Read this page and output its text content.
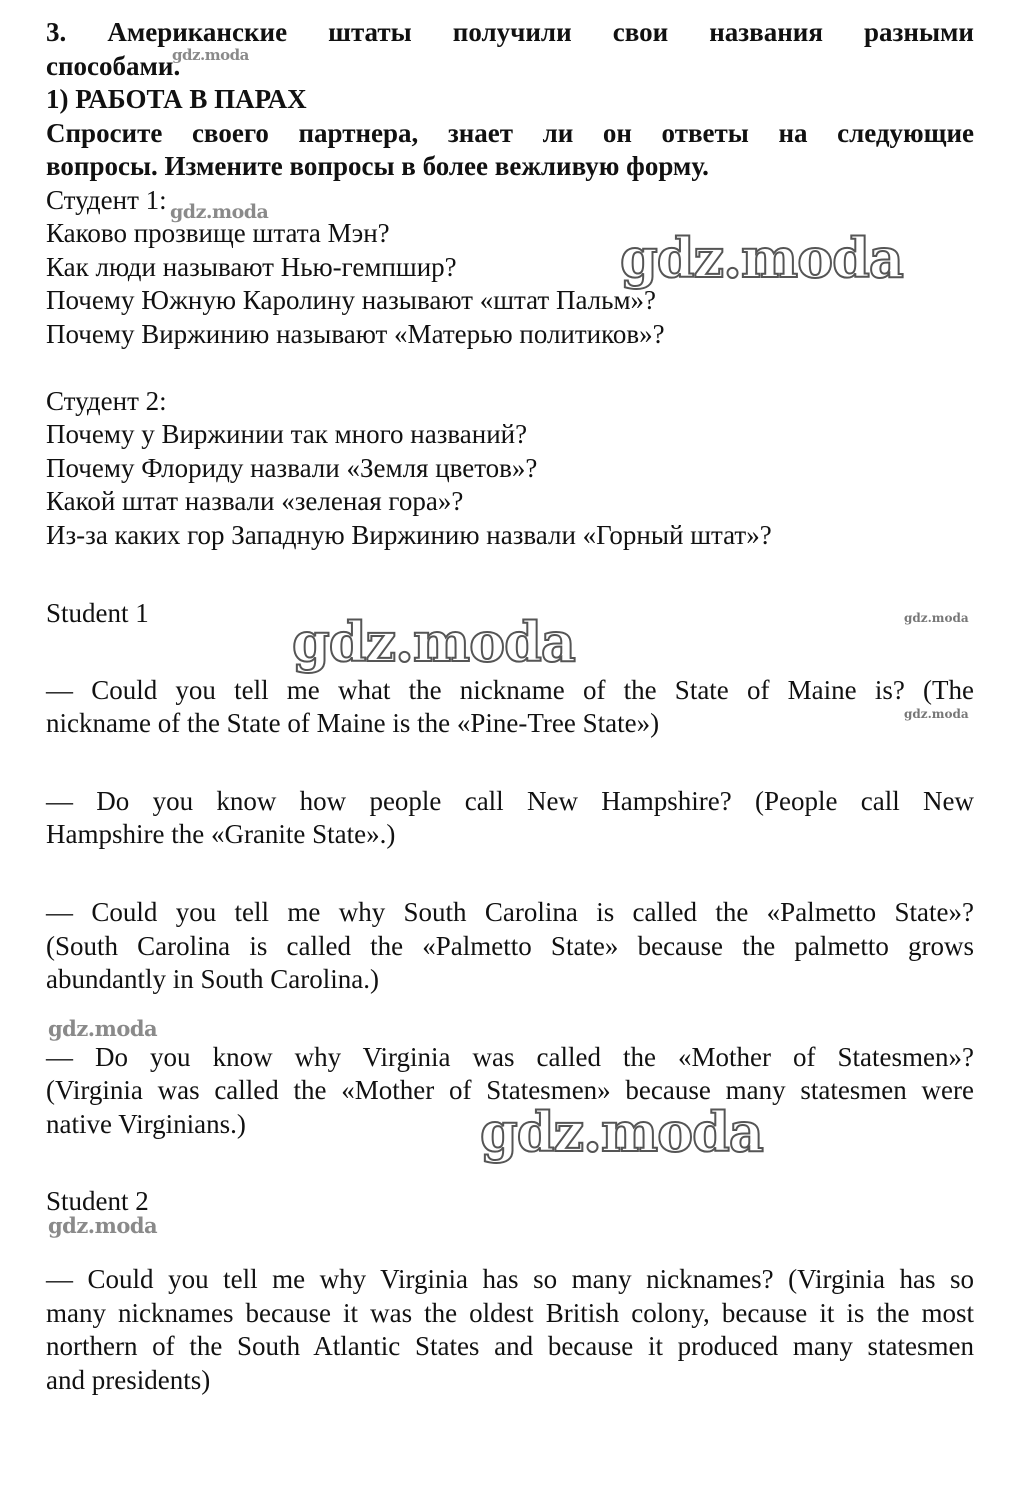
3. Американские штаты получили свои названия разными

способами.

1) РАБОТА В ПАРАХ

Спросите своего партнера, знает ли он ответы на следующие

вопросы. Измените вопросы в более вежливую форму.

Студент 1:

Каково прозвище штата Мэн?

Как люди называют Нью-гемпшир?

Почему Южную Каролину называют «штат Пальм»?

Почему Виржинию называют «Матерью политиков»?

Студент 2:

Почему у Виржинии так много названий?

Почему Флориду назвали «Земля цветов»?

Какой штат назвали «зеленая гора»?

Из-за каких гор Западную Виржинию назвали «Горный штат»?

Student 1

— Could you tell me what the nickname of the State of Maine is? (The

nickname of the State of Maine is the «Pine-Tree State»)

— Do you know how people call New Hampshire? (People call New

Hampshire the «Granite State».)

— Could you tell me why South Carolina is called the «Palmetto State»?

(South Carolina is called the «Palmetto State» because the palmetto grows

abundantly in South Carolina.)

— Do you know why Virginia was called the «Mother of Statesmen»?

(Virginia was called the «Mother of Statesmen» because many statesmen were

native Virginians.)

Student 2

— Could you tell me why Virginia has so many nicknames? (Virginia has so

many nicknames because it was the oldest British colony, because it is the most

northern of the South Atlantic States and because it produced many statesmen

and presidents)

gdz.moda
gdz.moda
gdz.moda
gdz.moda	gdz.moda
gdz.moda
gdz.moda
gdz.moda
gdz.moda
